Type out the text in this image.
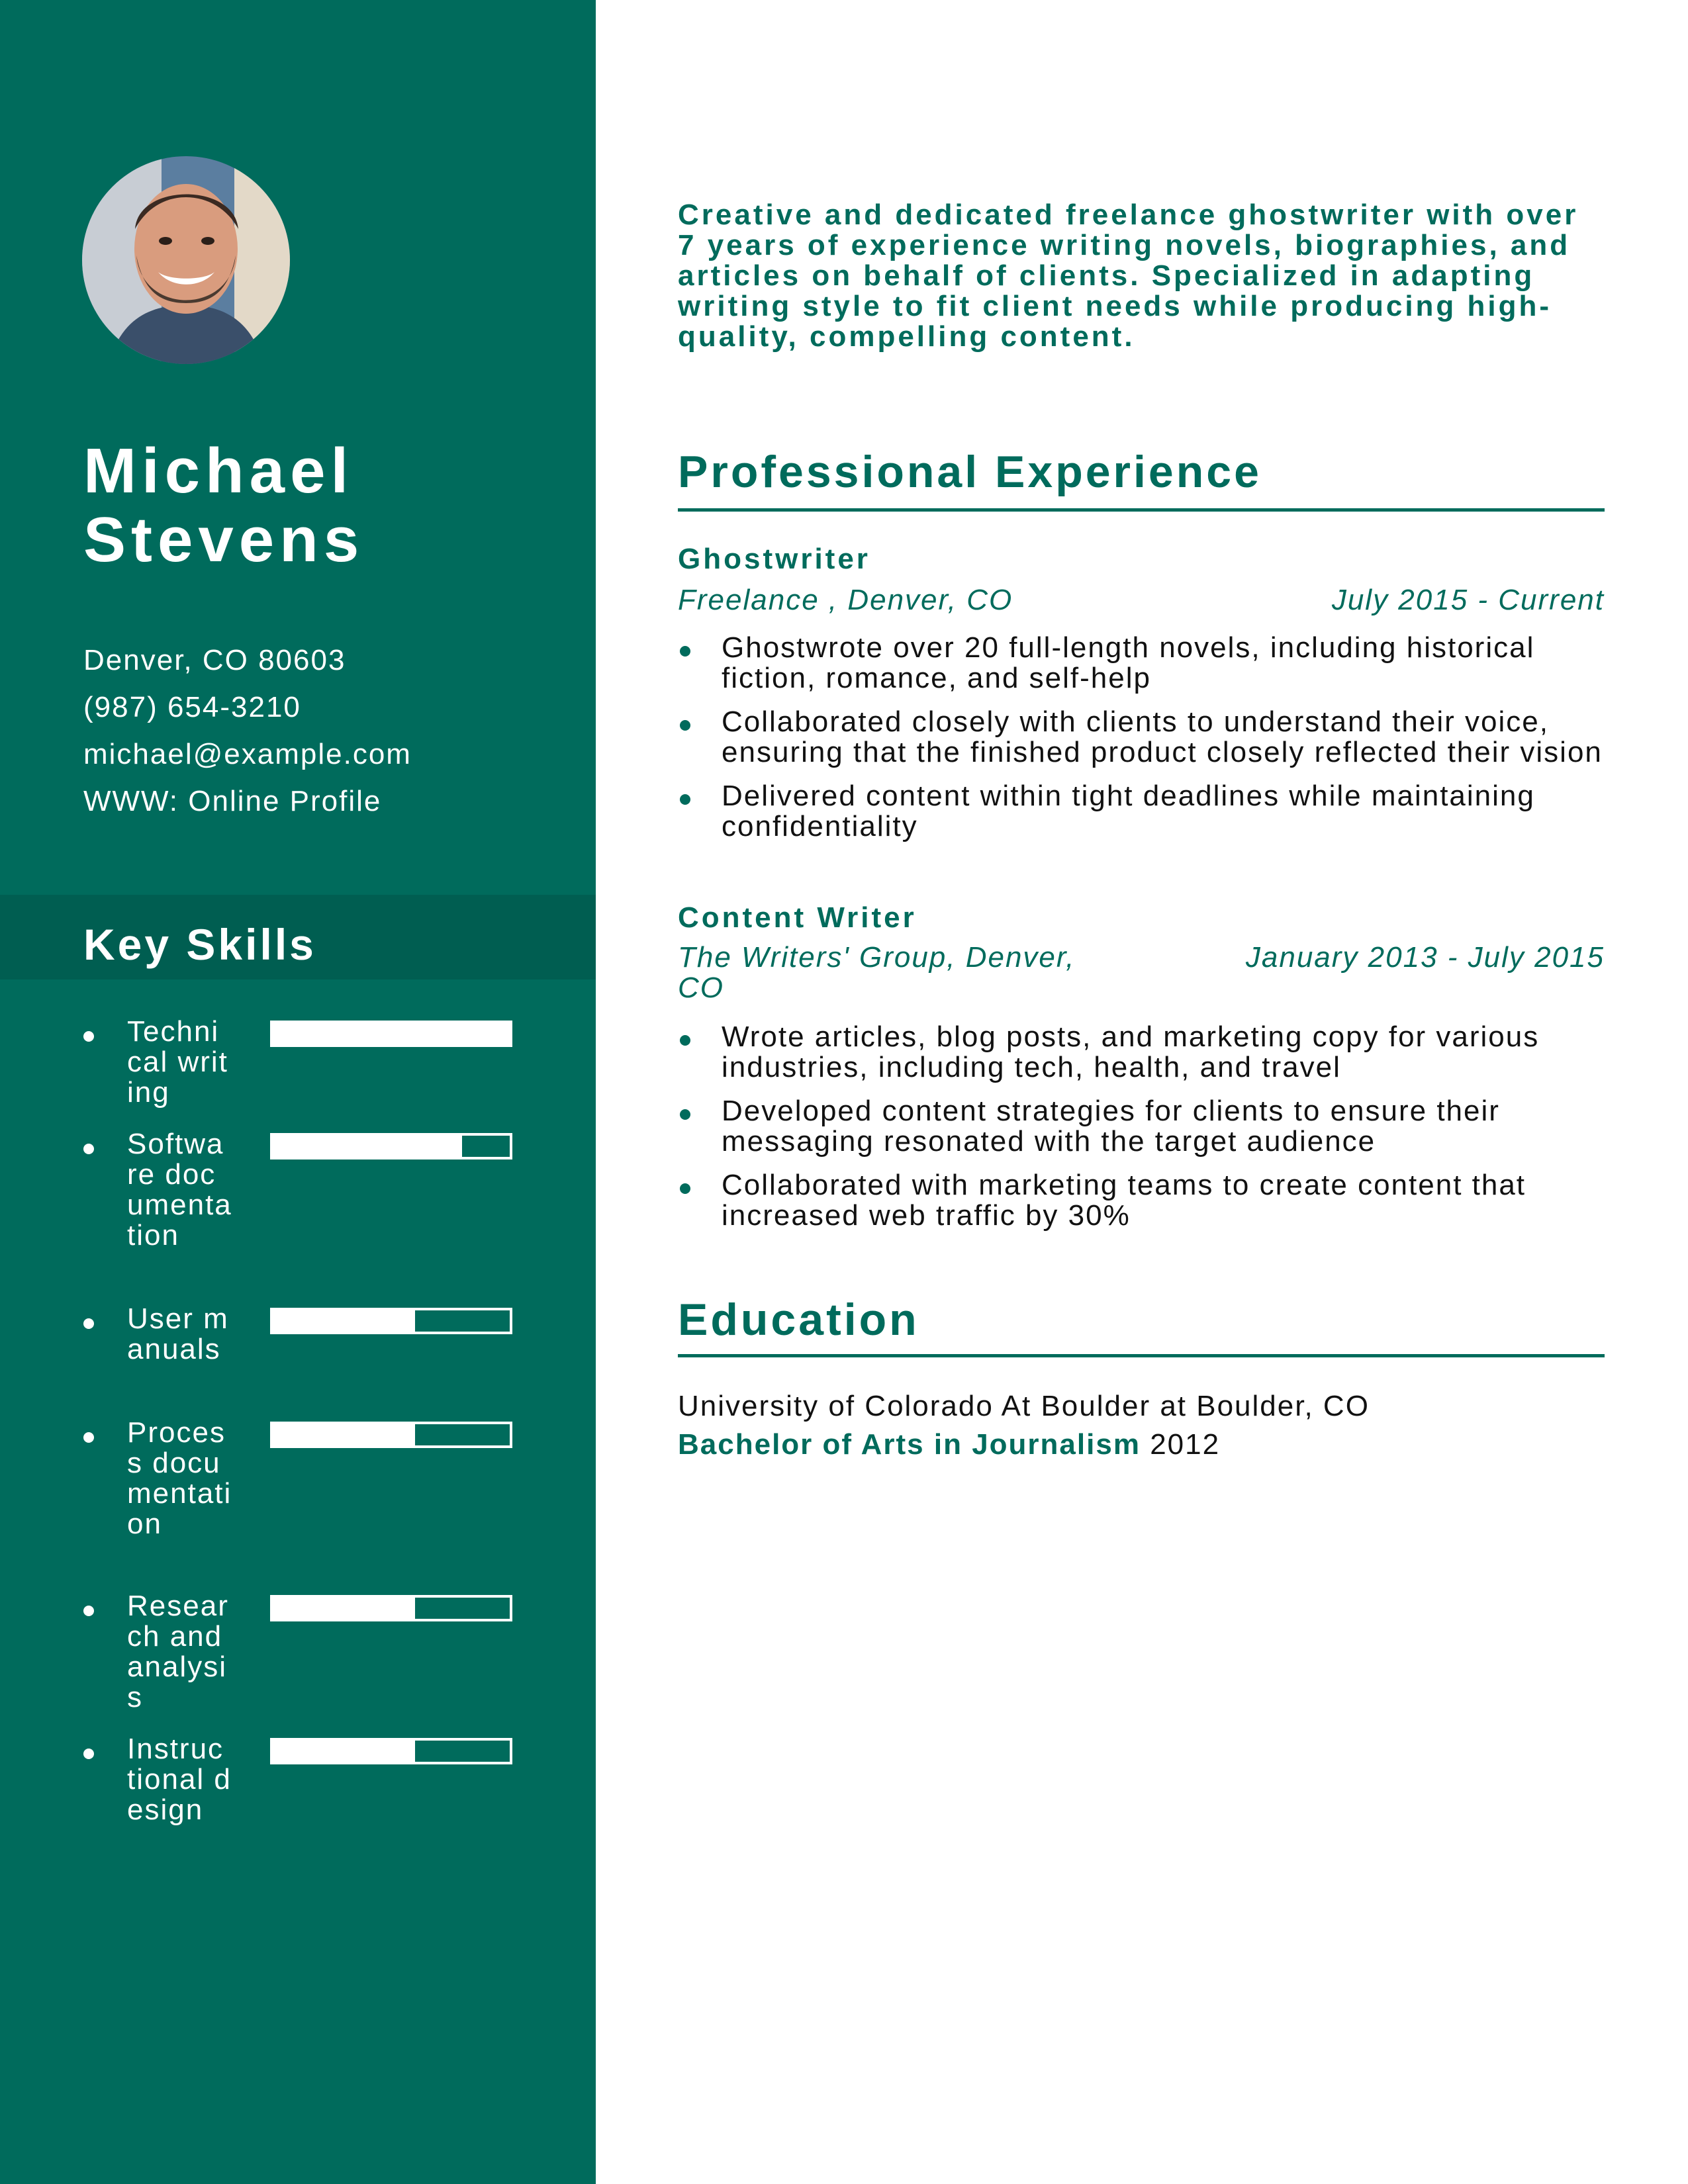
Michael
Stevens
Denver, CO 80603
(987) 654-3210
michael@example.com
WWW: Online Profile
Key Skills
Technical writing
Software documentation
User manuals
Process documentation
Research and analysis
Instructional design
Creative and dedicated freelance ghostwriter with over 7 years of experience writing novels, biographies, and articles on behalf of clients. Specialized in adapting writing style to fit client needs while producing high-quality, compelling content.
Professional Experience
Ghostwriter
Freelance , Denver, CO	July 2015 - Current
Ghostwrote over 20 full-length novels, including historical fiction, romance, and self-help
Collaborated closely with clients to understand their voice, ensuring that the finished product closely reflected their vision
Delivered content within tight deadlines while maintaining confidentiality
Content Writer
The Writers' Group, Denver, CO
January 2013 - July 2015
Wrote articles, blog posts, and marketing copy for various industries, including tech, health, and travel
Developed content strategies for clients to ensure their messaging resonated with the target audience
Collaborated with marketing teams to create content that increased web traffic by 30%
Education
University of Colorado At Boulder at Boulder, CO
Bachelor of Arts in Journalism 2012
